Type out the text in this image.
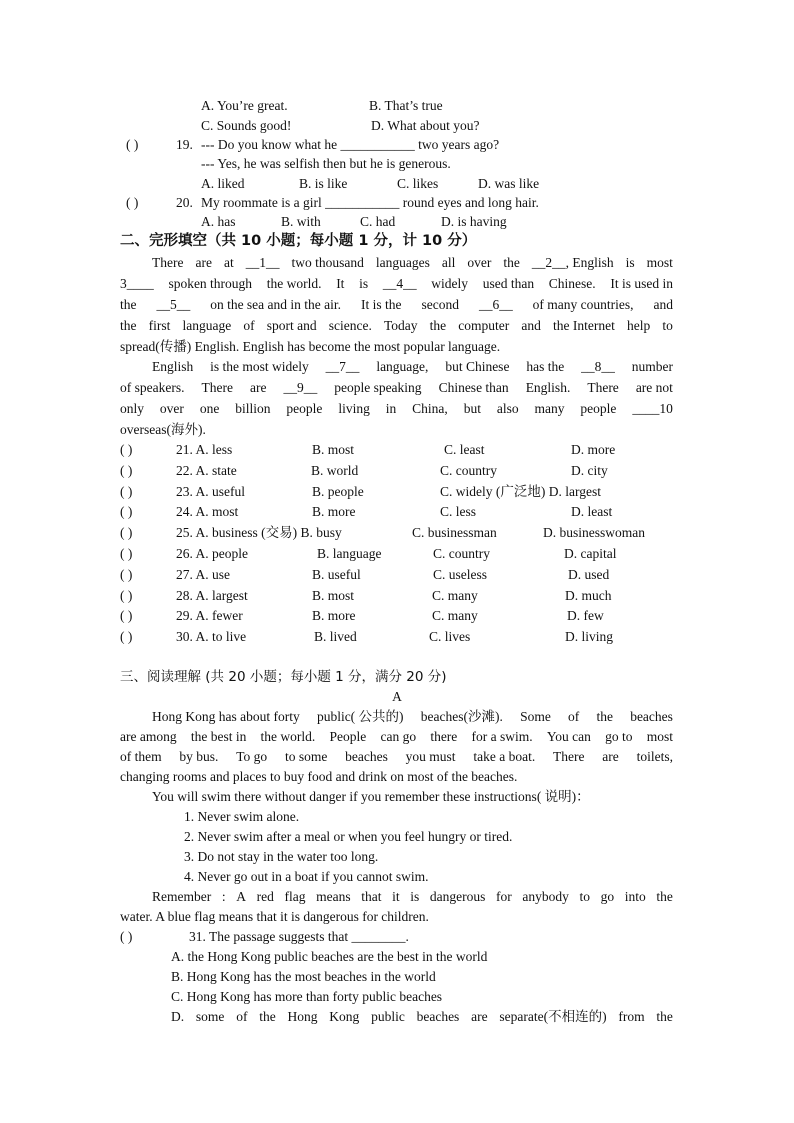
A. You’re great.	B. That’s true
C. Sounds good!	D. What about you?
( )	19. --- Do you know what he ___________ two years ago?
--- Yes, he was selfish then but he is generous.
A. liked	B. is like	C. likes	D. was like
( )	20. My roommate is a girl ___________ round eyes and long hair.
A. has	B. with	C. had	D. is having
二、完形填空（共 10 小题；每小题 1 分，计 10 分）
There are at __1__ two thousand languages all over the __2__, English is most
3____ spoken through the world. It is __4__ widely used than Chinese. It is used in
the __5__ on the sea and in the air. It is the second __6__ of many countries, and
the first language of sport and science. Today the computer and the Internet help to
spread(传播) English. English has become the most popular language.
English is the most widely __7__ language, but Chinese has the __8__ number
of speakers. There are __9__ people speaking Chinese than English. There are not
only over one billion people living in China, but also many people ____10
overseas(海外).
( )	21. A. less	B. most	C. least	D. more
( )	22. A. state	B. world	C. country	D. city
( )	23. A. useful	B. people	C. widely (广泛地) D. largest
( )	24. A. most	B. more	C. less	D. least
( )	25. A. business (交易) B. busy	C. businessman	D. businesswoman
( )	26. A. people	B. language	C. country	D. capital
( )	27. A. use	B. useful	C. useless	D. used
( )	28. A. largest	B. most	C. many	D. much
( )	29. A. fewer	B. more	C. many	D. few
( )	30. A. to live	B. lived	C. lives	D. living
三、阅读理解 (共 20 小题；每小题 1 分，满分 20 分)
A
Hong Kong has about forty public( 公共的) beaches(沙滩). Some of the beaches
are among the best in the world. People can go there for a swim. You can go to most
of them by bus. To go to some beaches you must take a boat. There are toilets,
changing rooms and places to buy food and drink on most of the beaches.
You will swim there without danger if you remember these instructions( 说明)：
1. Never swim alone.
2. Never swim after a meal or when you feel hungry or tired.
3. Do not stay in the water too long.
4. Never go out in a boat if you cannot swim.
Remember : A red flag means that it is dangerous for anybody to go into the
water. A blue flag means that it is dangerous for children.
( )	31. The passage suggests that ________.
A. the Hong Kong public beaches are the best in the world
B. Hong Kong has the most beaches in the world
C. Hong Kong has more than forty public beaches
D. some of the Hong Kong public beaches are separate(不相连的) from the
